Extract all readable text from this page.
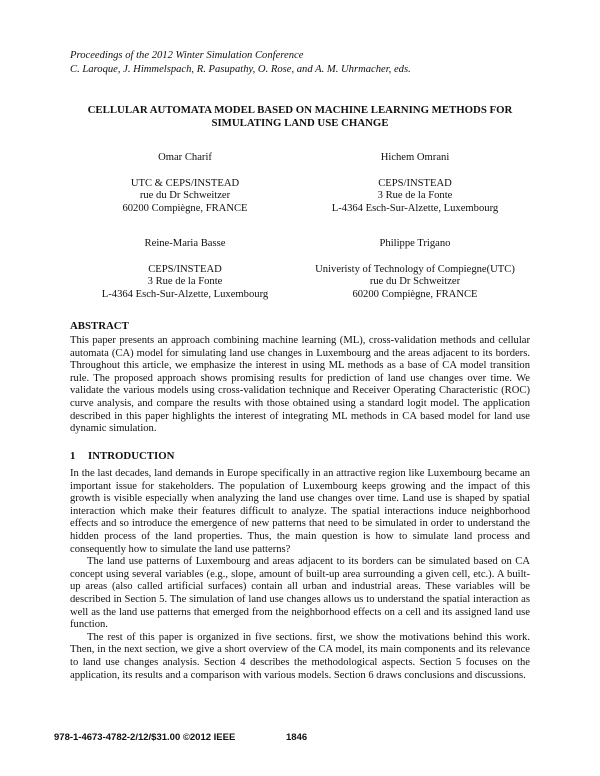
Proceedings of the 2012 Winter Simulation Conference
C. Laroque, J. Himmelspach, R. Pasupathy, O. Rose, and A. M. Uhrmacher, eds.
CELLULAR AUTOMATA MODEL BASED ON MACHINE LEARNING METHODS FOR
SIMULATING LAND USE CHANGE
Omar Charif
UTC & CEPS/INSTEAD
rue du Dr Schweitzer
60200 Compiègne, FRANCE
Hichem Omrani
CEPS/INSTEAD
3 Rue de la Fonte
L-4364 Esch-Sur-Alzette, Luxembourg
Reine-Maria Basse
CEPS/INSTEAD
3 Rue de la Fonte
L-4364 Esch-Sur-Alzette, Luxembourg
Philippe Trigano
Univeristy of Technology of Compiegne(UTC)
rue du Dr Schweitzer
60200 Compiègne, FRANCE
ABSTRACT

This paper presents an approach combining machine learning (ML), cross-validation methods and cellular automata (CA) model for simulating land use changes in Luxembourg and the areas adjacent to its borders. Throughout this article, we emphasize the interest in using ML methods as a base of CA model transition rule. The proposed approach shows promising results for prediction of land use changes over time. We validate the various models using cross-validation technique and Receiver Operating Characteristic (ROC) curve analysis, and compare the results with those obtained using a standard logit model. The application described in this paper highlights the interest of integrating ML methods in CA based model for land use dynamic simulation.

1 INTRODUCTION

In the last decades, land demands in Europe specifically in an attractive region like Luxembourg became an important issue for stakeholders. The population of Luxembourg keeps growing and the impact of this growth is visible especially when analyzing the land use changes over time. Land use is shaped by spatial interaction which make their features difficult to analyze. The spatial interactions induce neighborhood effects and so introduce the emergence of new patterns that need to be simulated in order to understand the hidden process of the land properties. Thus, the main question is how to simulate land process and consequently how to simulate the land use patterns?

The land use patterns of Luxembourg and areas adjacent to its borders can be simulated based on CA concept using several variables (e.g., slope, amount of built-up area surrounding a given cell, etc.). A built-up areas (also called artificial surfaces) contain all urban and industrial areas. These variables will be described in Section 5. The simulation of land use changes allows us to understand the spatial interaction as well as the land use patterns that emerged from the neighborhood effects on a cell and its assigned land use function.

The rest of this paper is organized in five sections. first, we show the motivations behind this work. Then, in the next section, we give a short overview of the CA model, its main components and its relevance to land use changes analysis. Section 4 describes the methodological aspects. Section 5 focuses on the application, its results and a comparison with various models. Section 6 draws conclusions and discussions.

978-1-4673-4782-2/12/$31.00 ©2012 IEEE	1846
